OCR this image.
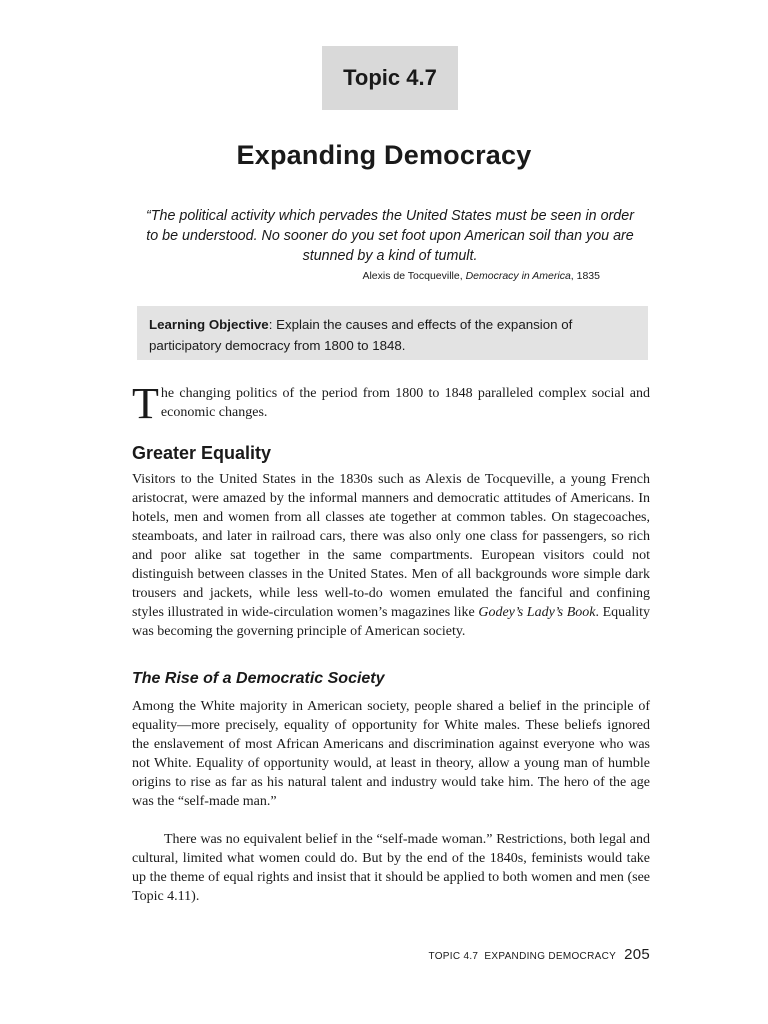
Topic 4.7
Expanding Democracy
“The political activity which pervades the United States must be seen in order to be understood. No sooner do you set foot upon American soil than you are stunned by a kind of tumult.
Alexis de Tocqueville, Democracy in America, 1835
Learning Objective: Explain the causes and effects of the expansion of participatory democracy from 1800 to 1848.
The changing politics of the period from 1800 to 1848 paralleled complex social and economic changes.
Greater Equality
Visitors to the United States in the 1830s such as Alexis de Tocqueville, a young French aristocrat, were amazed by the informal manners and democratic attitudes of Americans. In hotels, men and women from all classes ate together at common tables. On stagecoaches, steamboats, and later in railroad cars, there was also only one class for passengers, so rich and poor alike sat together in the same compartments. European visitors could not distinguish between classes in the United States. Men of all backgrounds wore simple dark trousers and jackets, while less well-to-do women emulated the fanciful and confining styles illustrated in wide-circulation women’s magazines like Godey’s Lady’s Book. Equality was becoming the governing principle of American society.
The Rise of a Democratic Society
Among the White majority in American society, people shared a belief in the principle of equality—more precisely, equality of opportunity for White males. These beliefs ignored the enslavement of most African Americans and discrimination against everyone who was not White. Equality of opportunity would, at least in theory, allow a young man of humble origins to rise as far as his natural talent and industry would take him. The hero of the age was the “self-made man.”
There was no equivalent belief in the “self-made woman.” Restrictions, both legal and cultural, limited what women could do. But by the end of the 1840s, feminists would take up the theme of equal rights and insist that it should be applied to both women and men (see Topic 4.11).
TOPIC 4.7  EXPANDING DEMOCRACY 205
